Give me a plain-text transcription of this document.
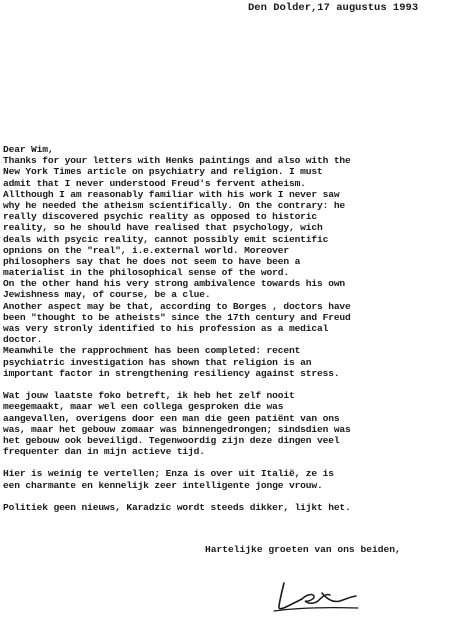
Den Dolder,17 augustus 1993
Dear Wim,
Thanks for your letters with Henks paintings and also with the
New York Times article on psychiatry and religion. I must
admit that I never understood Freud's fervent atheism.
Allthough I am reasonably familiar with his work I never saw
why he needed the atheism scientifically. On the contrary: he
really discovered psychic reality as opposed to historic
reality, so he should have realised that psychology, wich
deals with psycic reality, cannot possibly emit scientific
opnions on the "real", i.e.external world. Moreover
philosophers say that he does not seem to have been a
materialist in the philosophical sense of the word.
On the other hand his very strong ambivalence towards his own
Jewishness may, of course, be a clue.
Another aspect may be that, according to Borges , doctors have
been "thought to be atheists" since the 17th century and Freud
was very stronly identified to his profession as a medical
doctor.
Meanwhile the rapprochment has been completed: recent
psychiatric investigation has shown that religion is an
important factor in strengthening resiliency against stress.
Wat jouw laatste foko betreft, ik heb het zelf nooit
meegemaakt, maar wel een collega gesproken die was
aangevallen, overigens door een man die geen patiënt van ons
was, maar het gebouw zomaar was binnengedrongen; sindsdien was
het gebouw ook beveiligd. Tegenwoordig zijn deze dingen veel
frequenter dan in mijn actieve tijd.
Hier is weinig te vertellen; Enza is over uit Italië, ze is
een charmante en kennelijk zeer intelligente jonge vrouw.
Politiek geen nieuws, Karadzic wordt steeds dikker, lijkt het.
Hartelijke groeten van ons beiden,
